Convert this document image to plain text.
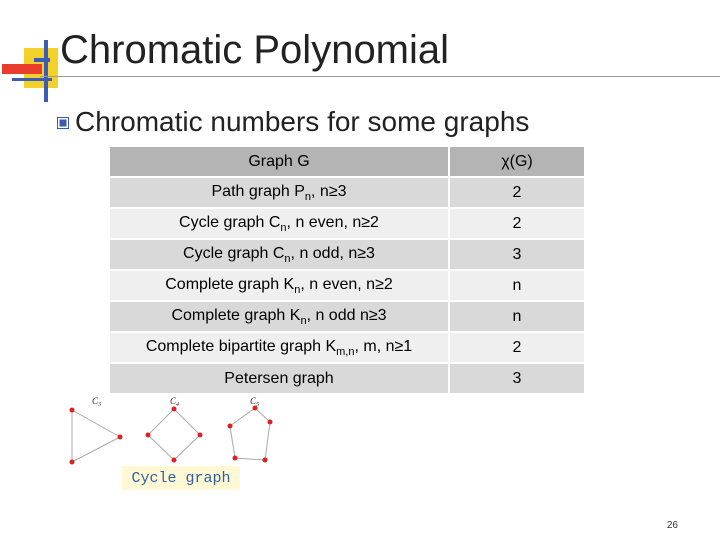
Chromatic Polynomial
Chromatic numbers for some graphs
Graph G	χ(G)
Path graph $P_n$, n≥3	2
Cycle graph $C_n$, n even, n≥2	2
Cycle graph $C_n$, n odd, n≥3	3
Complete graph $K_n$, n even, n≥2	n
Complete graph $K_n$, n odd n≥3	n
Complete bipartite graph $K_{m,n}$, m, n≥1	2
Petersen graph	3
$C_3$	$C_4$	$C_5$
Cycle graph
26
